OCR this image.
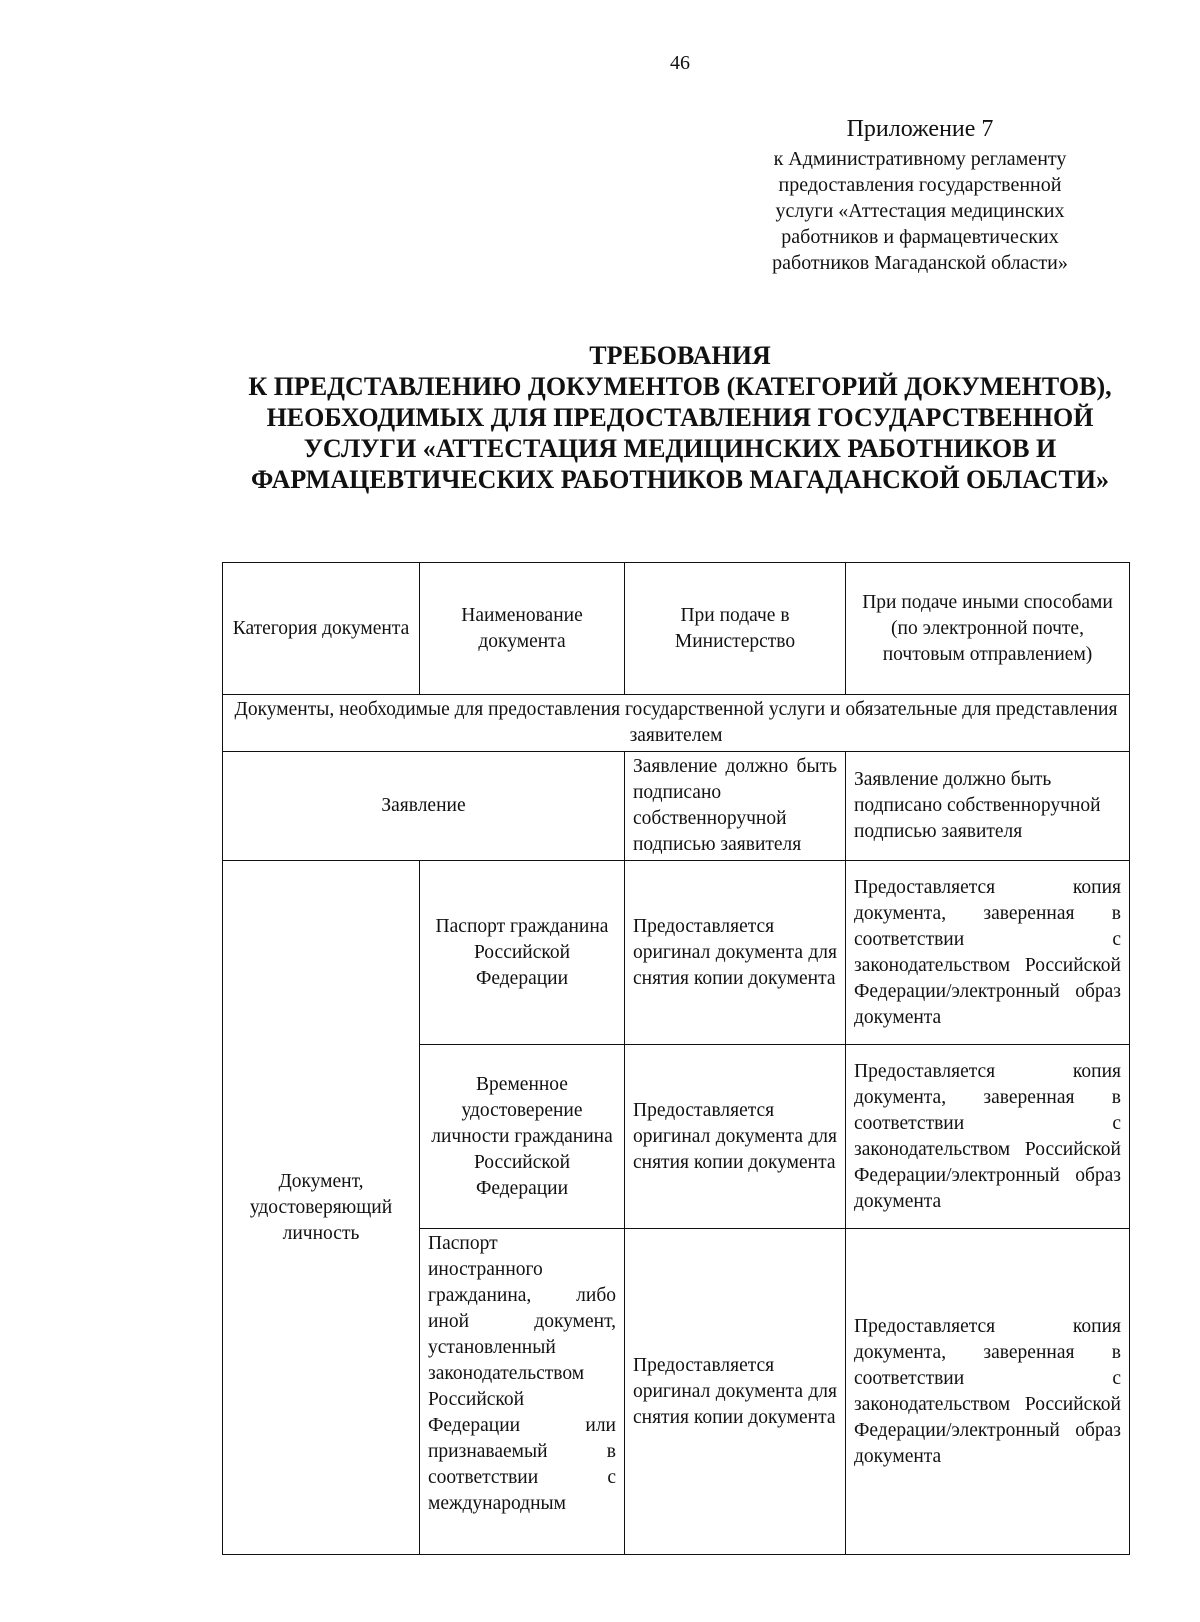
46
Приложение 7
к Административному регламенту
предоставления государственной
услуги «Аттестация медицинских
работников и фармацевтических
работников Магаданской области»
ТРЕБОВАНИЯ
К ПРЕДСТАВЛЕНИЮ ДОКУМЕНТОВ (КАТЕГОРИЙ ДОКУМЕНТОВ),
НЕОБХОДИМЫХ ДЛЯ ПРЕДОСТАВЛЕНИЯ ГОСУДАРСТВЕННОЙ
УСЛУГИ «АТТЕСТАЦИЯ МЕДИЦИНСКИХ РАБОТНИКОВ И
ФАРМАЦЕВТИЧЕСКИХ РАБОТНИКОВ МАГАДАНСКОЙ ОБЛАСТИ»
Категория документа	Наименование документа	При подаче в Министерство	При подаче иными способами (по электронной почте, почтовым отправлением)
Документы, необходимые для предоставления государственной услуги и обязательные для представления заявителем			
Заявление		Заявление должно быть подписано собственноручной подписью заявителя	Заявление должно быть подписано собственноручной подписью заявителя
Документ, удостоверяющий личность	Паспорт гражданина Российской Федерации	Предоставляется оригинал документа для снятия копии документа	Предоставляется копия документа, заверенная в соответствии с законодательством Российской Федерации/электронный образ документа
	Временное удостоверение личности гражданина Российской Федерации	Предоставляется оригинал документа для снятия копии документа	Предоставляется копия документа, заверенная в соответствии с законодательством Российской Федерации/электронный образ документа
	Паспорт иностранного гражданина, либо иной документ, установленный законодательством Российской Федерации или признаваемый в соответствии с международным	Предоставляется оригинал документа для снятия копии документа	Предоставляется копия документа, заверенная в соответствии с законодательством Российской Федерации/электронный образ документа
